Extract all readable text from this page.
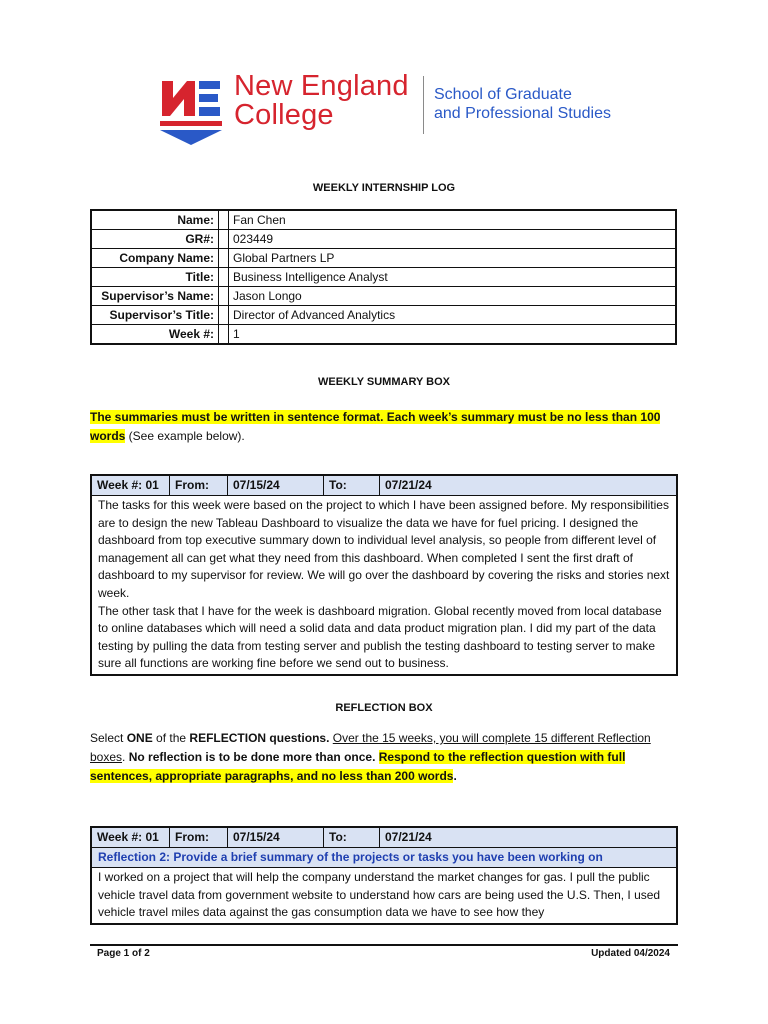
New England
College
School of Graduate
and Professional Studies
WEEKLY INTERNSHIP LOG
Name:		Fan Chen
GR#:		023449
Company Name:		Global Partners LP
Title:		Business Intelligence Analyst
Supervisor’s Name:		Jason Longo
Supervisor’s Title:		Director of Advanced Analytics
Week #:		1
WEEKLY SUMMARY BOX
The summaries must be written in sentence format. Each week’s summary must be no less than 100 words (See example below).
Week #: 01	From:	07/15/24	To:	07/21/24
The tasks for this week were based on the project to which I have been assigned before. My responsibilities are to design the new Tableau Dashboard to visualize the data we have for fuel pricing. I designed the dashboard from top executive summary down to individual level analysis, so people from different level of management all can get what they need from this dashboard. When completed I sent the first draft of dashboard to my supervisor for review. We will go over the dashboard by covering the risks and stories next week.
The other task that I have for the week is dashboard migration. Global recently moved from local database to online databases which will need a solid data and data product migration plan. I did my part of the data testing by pulling the data from testing server and publish the testing dashboard to testing server to make sure all functions are working fine before we send out to business.
REFLECTION BOX
Select ONE of the REFLECTION questions. Over the 15 weeks, you will complete 15 different Reflection boxes. No reflection is to be done more than once. Respond to the reflection question with full sentences, appropriate paragraphs, and no less than 200 words.
Week #: 01	From:	07/15/24	To:	07/21/24
Reflection 2: Provide a brief summary of the projects or tasks you have been working on
I worked on a project that will help the company understand the market changes for gas. I pull the public vehicle travel data from government website to understand how cars are being used the U.S. Then, I used vehicle travel miles data against the gas consumption data we have to see how they
Page 1 of 2	Updated 04/2024
